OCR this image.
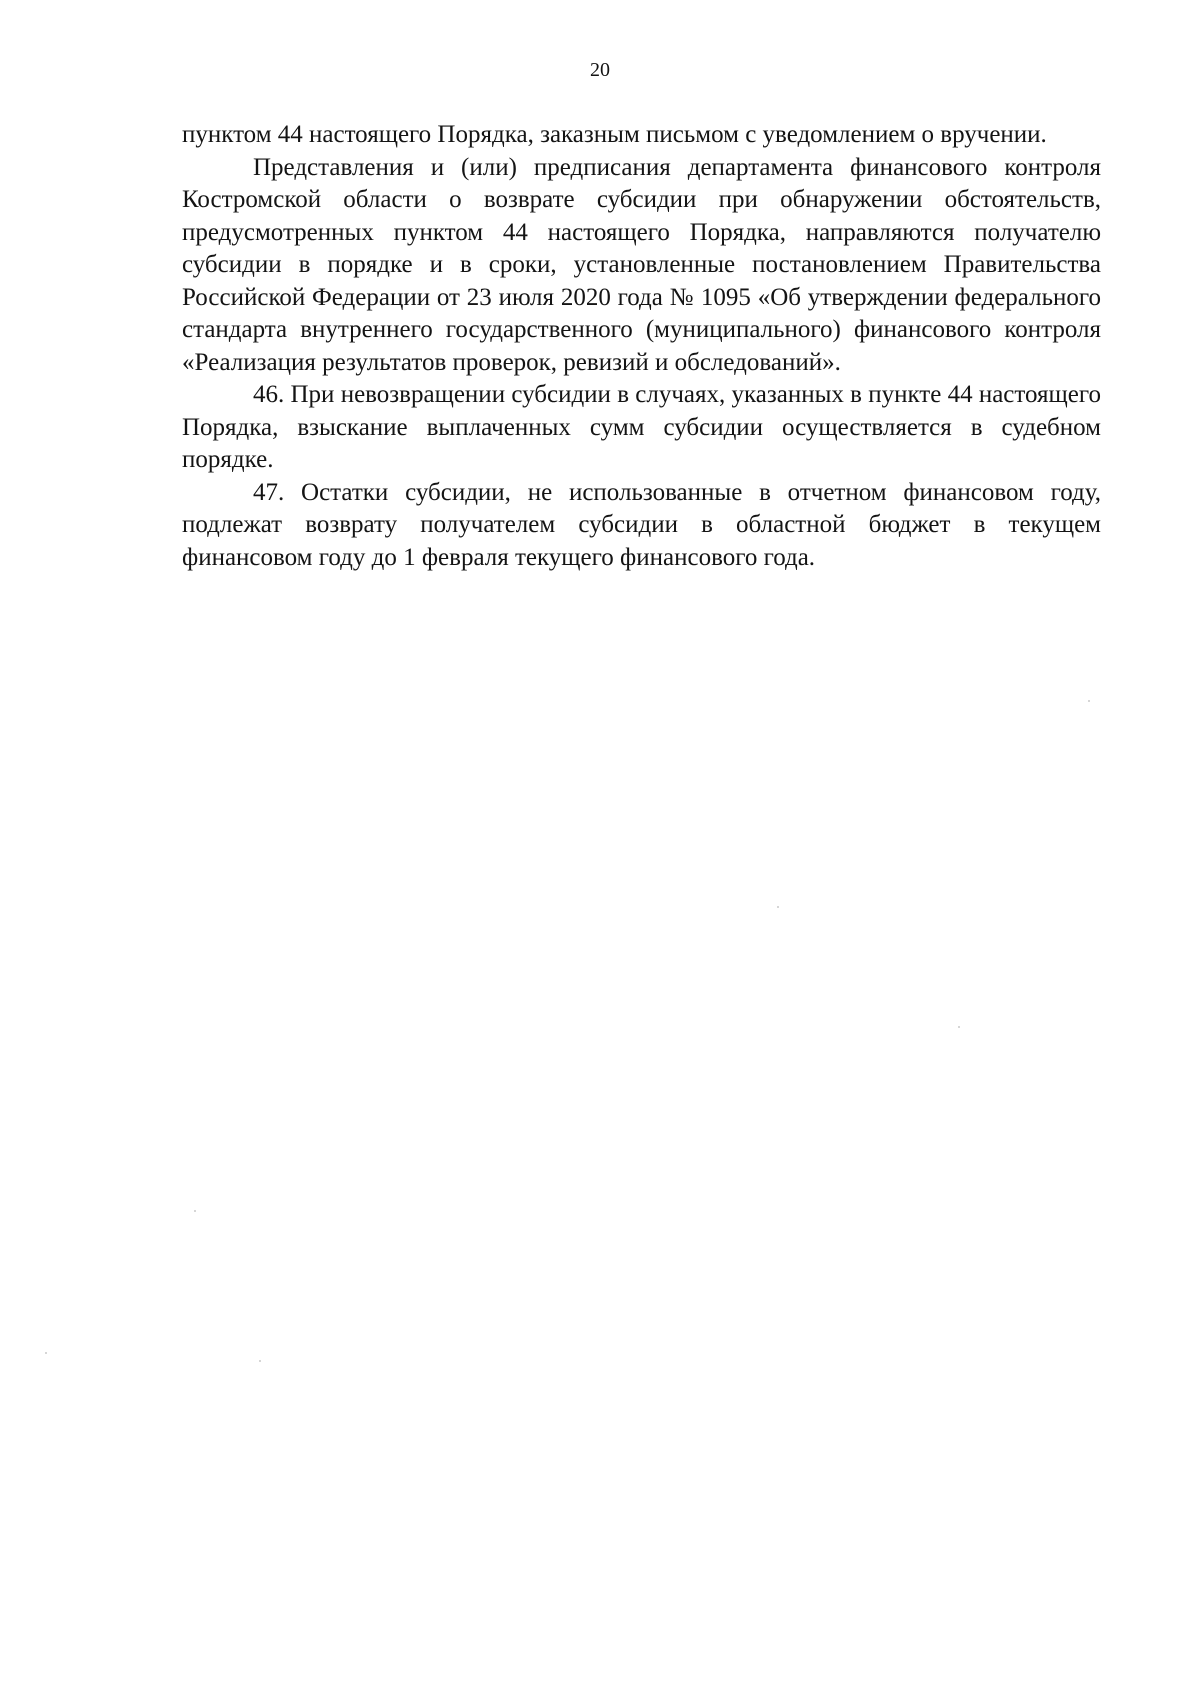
20

пунктом 44 настоящего Порядка, заказным письмом с уведомлением о вручении.

Представления и (или) предписания департамента финансового контроля Костромской области о возврате субсидии при обнаружении обстоятельств, предусмотренных пунктом 44 настоящего Порядка, направляются получателю субсидии в порядке и в сроки, установленные постановлением Правительства Российской Федерации от 23 июля 2020 года № 1095 «Об утверждении федерального стандарта внутреннего государственного (муниципального) финансового контроля «Реализация результатов проверок, ревизий и обследований».

46. При невозвращении субсидии в случаях, указанных в пункте 44 настоящего Порядка, взыскание выплаченных сумм субсидии осуществляется в судебном порядке.

47. Остатки субсидии, не использованные в отчетном финансовом году, подлежат возврату получателем субсидии в областной бюджет в текущем финансовом году до 1 февраля текущего финансового года.
